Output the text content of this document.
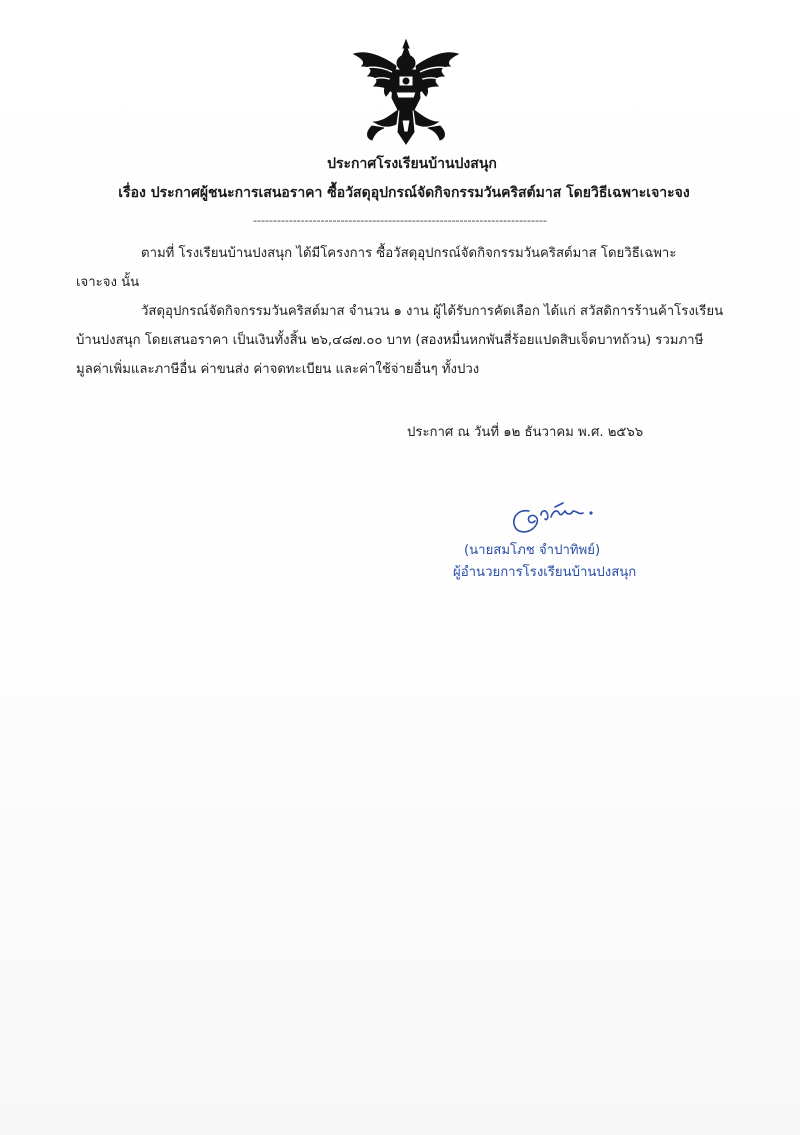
ประกาศโรงเรียนบ้านปงสนุก
เรื่อง ประกาศผู้ชนะการเสนอราคา ซื้อวัสดุอุปกรณ์จัดกิจกรรมวันคริสต์มาส โดยวิธีเฉพาะเจาะจง
--------------------------------------------------------------------------
ตามที่ โรงเรียนบ้านปงสนุก ได้มีโครงการ ซื้อวัสดุอุปกรณ์จัดกิจกรรมวันคริสต์มาส โดยวิธีเฉพาะ
เจาะจง นั้น
วัสดุอุปกรณ์จัดกิจกรรมวันคริสต์มาส จำนวน ๑ งาน ผู้ได้รับการคัดเลือก ได้แก่ สวัสดิการร้านค้าโรงเรียน
บ้านปงสนุก โดยเสนอราคา เป็นเงินทั้งสิ้น ๒๖,๔๘๗.๐๐ บาท (สองหมื่นหกพันสี่ร้อยแปดสิบเจ็ดบาทถ้วน) รวมภาษี
มูลค่าเพิ่มและภาษีอื่น ค่าขนส่ง ค่าจดทะเบียน และค่าใช้จ่ายอื่นๆ ทั้งปวง
ประกาศ ณ วันที่ ๑๒ ธันวาคม พ.ศ. ๒๕๖๖
(นายสมโภช จำปาทิพย์)
ผู้อำนวยการโรงเรียนบ้านปงสนุก
